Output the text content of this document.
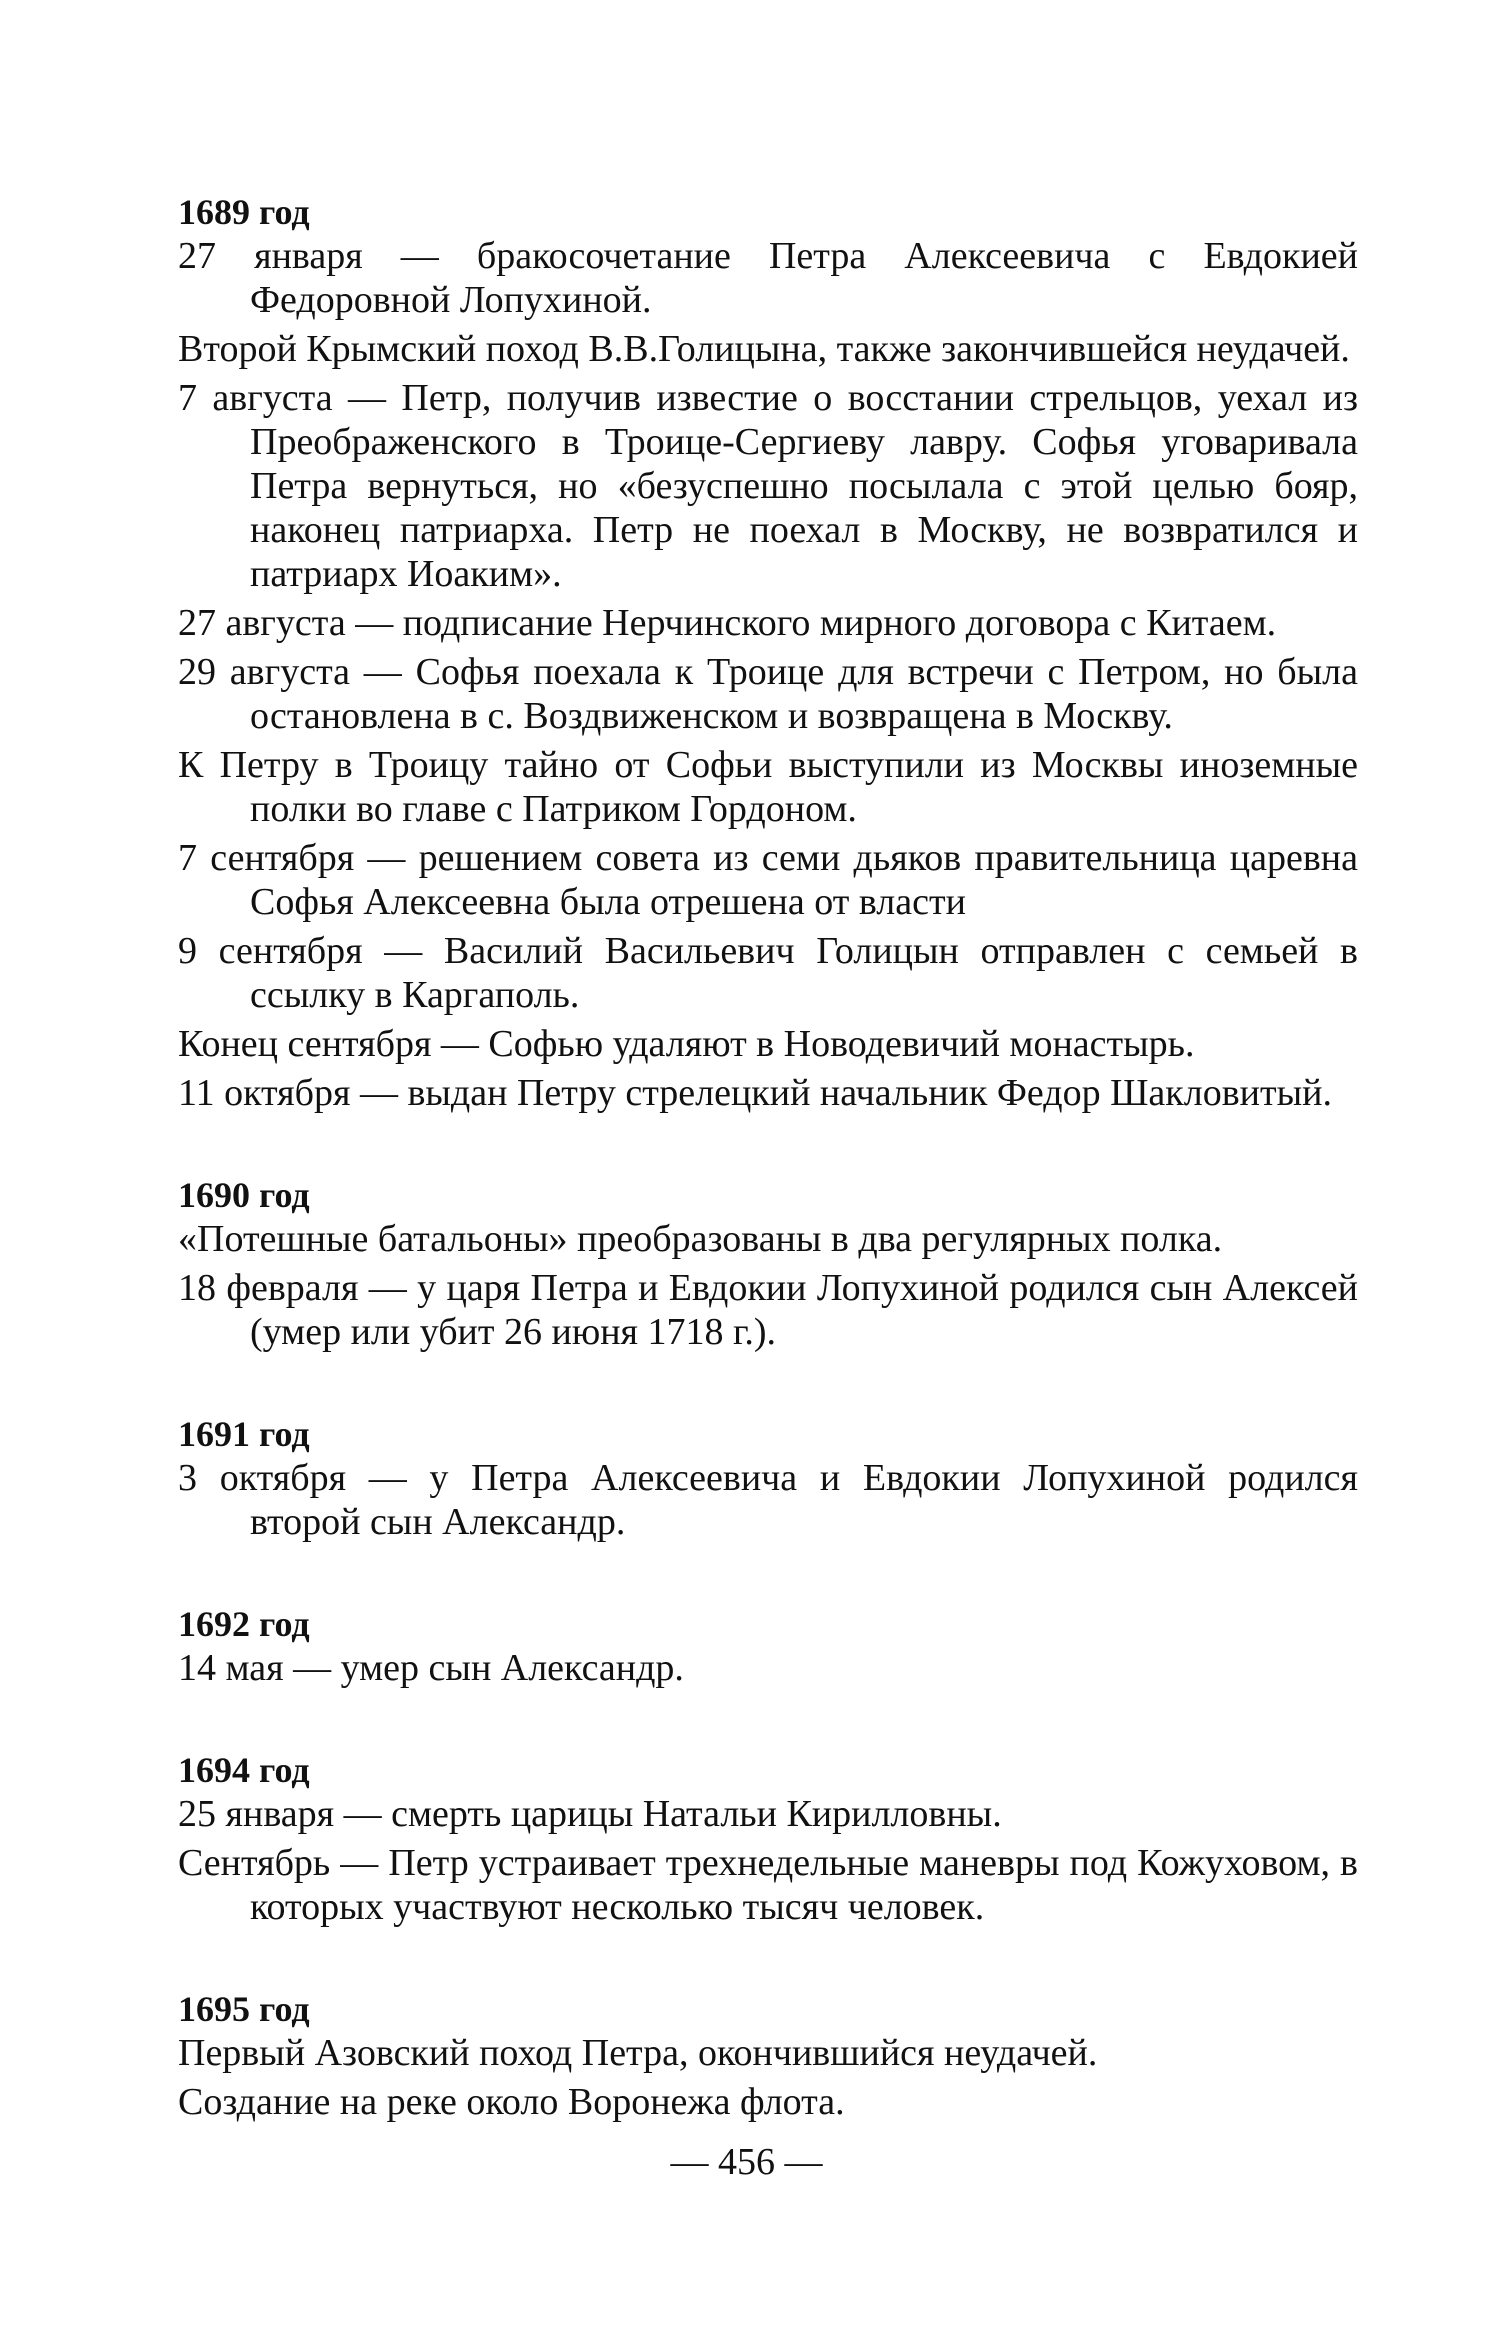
1689 год
27 января — бракосочетание Петра Алексеевича с Евдокией Федоровной Лопухиной.
Второй Крымский поход В.В.Голицына, также закончившейся неудачей.
7 августа — Петр, получив известие о восстании стрельцов, уехал из Преображенского в Троице-Сергиеву лавру. Софья уговаривала Петра вернуться, но «безуспешно посылала с этой целью бояр, наконец патриарха. Петр не поехал в Москву, не возвратился и патриарх Иоаким».
27 августа — подписание Нерчинского мирного договора с Китаем.
29 августа — Софья поехала к Троице для встречи с Петром, но была остановлена в с. Воздвиженском и возвращена в Москву.
К Петру в Троицу тайно от Софьи выступили из Москвы иноземные полки во главе с Патриком Гордоном.
7 сентября — решением совета из семи дьяков правительница царевна Софья Алексеевна была отрешена от власти
9 сентября — Василий Васильевич Голицын отправлен с семьей в ссылку в Каргаполь.
Конец сентября — Софью удаляют в Новодевичий монастырь.
11 октября — выдан Петру стрелецкий начальник Федор Шакловитый.
1690 год
«Потешные батальоны» преобразованы в два регулярных полка.
18 февраля — у царя Петра и Евдокии Лопухиной родился сын Алексей (умер или убит 26 июня 1718 г.).
1691 год
3 октября — у Петра Алексеевича и Евдокии Лопухиной родился второй сын Александр.
1692 год
14 мая — умер сын Александр.
1694 год
25 января — смерть царицы Натальи Кирилловны.
Сентябрь — Петр устраивает трехнедельные маневры под Кожуховом, в которых участвуют несколько тысяч человек.
1695 год
Первый Азовский поход Петра, окончившийся неудачей.
Создание на реке около Воронежа флота.
— 456 —
